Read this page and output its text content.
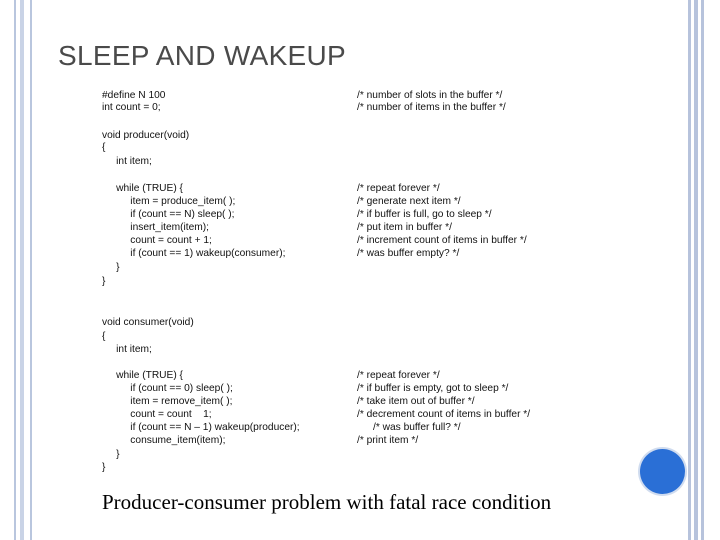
SLEEP AND WAKEUP
#define N 100
int count = 0;
void producer(void)
{
int item;
while (TRUE) {
item = produce_item( );
if (count == N) sleep( );
insert_item(item);
count = count + 1;
if (count == 1) wakeup(consumer);
}
}
void consumer(void)
{
int item;
while (TRUE) {
if (count == 0) sleep( );
item = remove_item( );
count = count    1;
if (count == N – 1) wakeup(producer);
consume_item(item);
}
}
/* number of slots in the buffer */
/* number of items in the buffer */
/* repeat forever */
/* generate next item */
/* if buffer is full, go to sleep */
/* put item in buffer */
/* increment count of items in buffer */
/* was buffer empty? */
/* repeat forever */
/* if buffer is empty, got to sleep */
/* take item out of buffer */
/* decrement count of items in buffer */
/* was buffer full? */
/* print item */
Producer-consumer problem with fatal race condition
